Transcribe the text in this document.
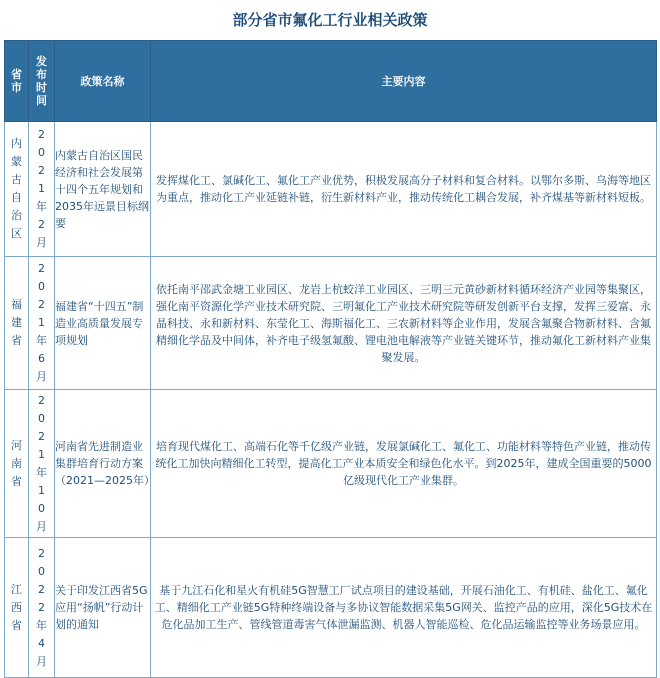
部分省市氟化工行业相关政策
省市	发布时间	政策名称	主要内容

内蒙古自治区	2021年2月	内蒙古自治区国民经济和社会发展第十四个五年规划和2035年远景目标纲要	发挥煤化工、氯碱化工、氟化工产业优势，积极发展高分子材料和复合材料。以鄂尔多斯、乌海等地区为重点，推动化工产业延链补链，衍生新材料产业，推动传统化工耦合发展，补齐煤基等新材料短板。

福建省	2021年6月	福建省“十四五”制造业高质量发展专项规划	依托南平邵武金塘工业园区、龙岩上杭蛟洋工业园区、三明三元黄砂新材料循环经济产业园等集聚区，强化南平资源化学产业技术研究院、三明氟化工产业技术研究院等研发创新平台支撑，发挥三爱富、永晶科技、永和新材料、东莹化工、海斯福化工、三农新材料等企业作用，发展含氟聚合物新材料、含氟精细化学品及中间体，补齐电子级氢氟酸、锂电池电解液等产业链关键环节，推动氟化工新材料产业集聚发展。

河南省	2021年10月	河南省先进制造业集群培育行动方案（2021—2025年）	培育现代煤化工、高端石化等千亿级产业链，发展氯碱化工、氟化工、功能材料等特色产业链，推动传统化工加快向精细化工转型，提高化工产业本质安全和绿色化水平。到2025年，建成全国重要的5000亿级现代化工产业集群。

江西省	2022年4月	关于印发江西省5G应用“扬帆”行动计划的通知	基于九江石化和星火有机硅5G智慧工厂试点项目的建设基础，开展石油化工、有机硅、盐化工、氟化工、精细化工产业链5G特种终端设备与多协议智能数据采集5G网关、监控产品的应用，深化5G技术在危化品加工生产、管线管道毒害气体泄漏监测、机器人智能巡检、危化品运输监控等业务场景应用。
